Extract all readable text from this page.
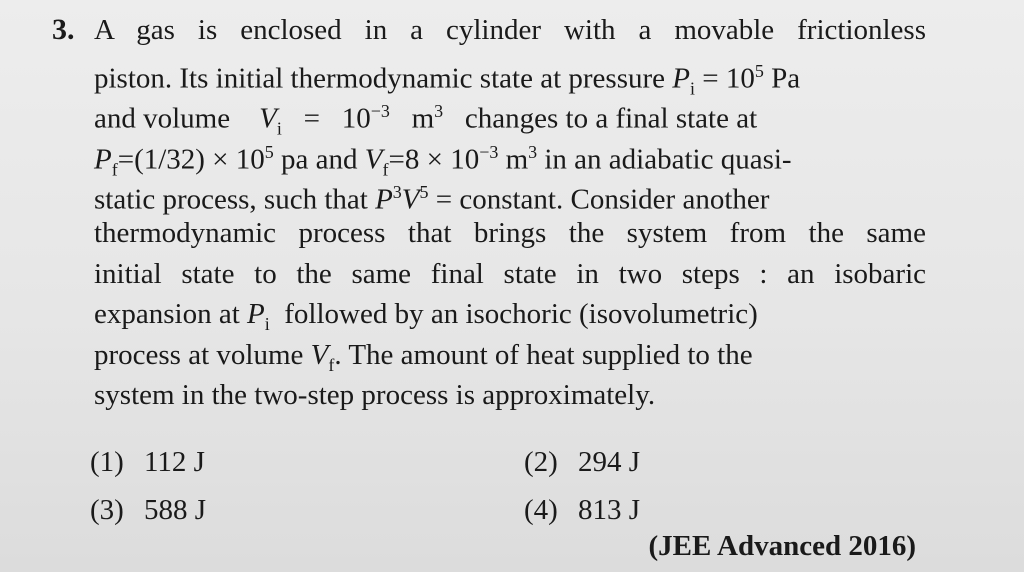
3. A gas is enclosed in a cylinder with a movable frictionless
piston. Its initial thermodynamic state at pressure $P_i = 10^5$ Pa
and volume $V_i = 10^{-3}$ $m^3$ changes to a final state at
$P_f=(1/32) \times 10^5$ pa and $V_f=8 \times 10^{-3}$ $m^3$ in an adiabatic quasi-
static process, such that $P^3V^5$ = constant. Consider another
thermodynamic process that brings the system from the same
initial state to the same final state in two steps : an isobaric
expansion at $P_i$ followed by an isochoric (isovolumetric)
process at volume $V_f$. The amount of heat supplied to the
system in the two-step process is approximately.
(1) 112 J	(2) 294 J
(3) 588 J	(4) 813 J
(JEE Advanced 2016)
